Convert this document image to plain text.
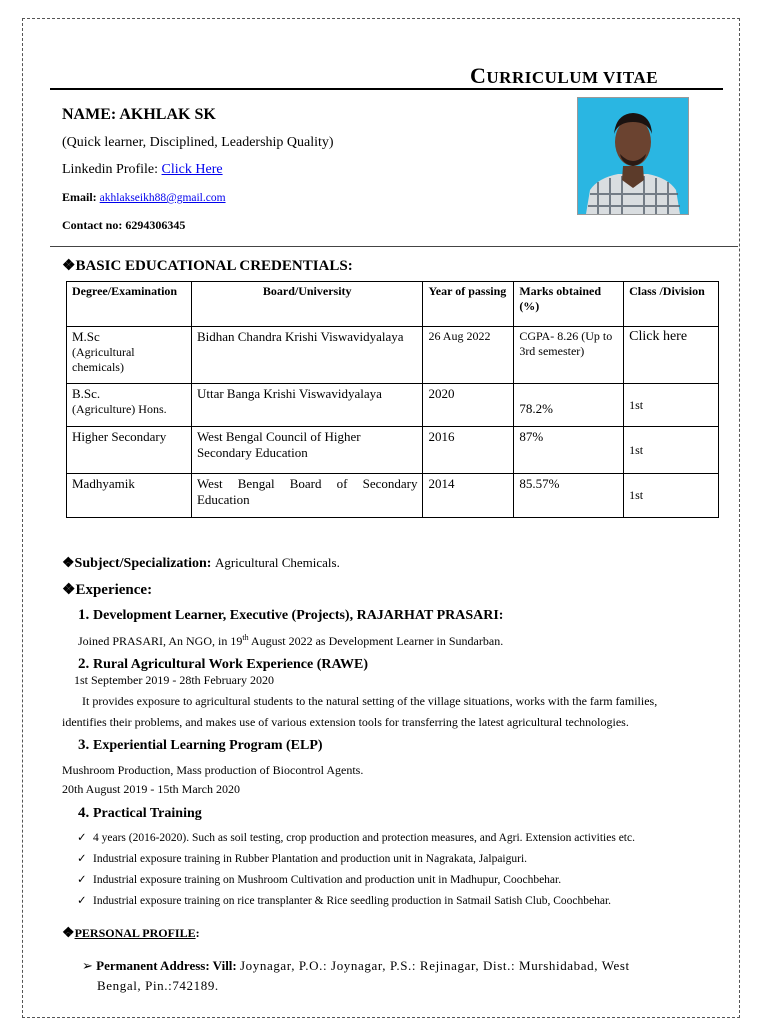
CURRICULUM VITAE
NAME: AKHLAK SK
(Quick learner, Disciplined, Leadership Quality)
Linkedin Profile: Click Here
Email: akhlakseikh88@gmail.com
Contact no: 6294306345
❖BASIC EDUCATIONAL CREDENTIALS:
Degree/Examination	Board/University	Year of passing	Marks obtained (%)	Class /Division

M.Sc
(Agricultural chemicals)	Bidhan Chandra Krishi Viswavidyalaya	26 Aug 2022	CGPA- 8.26 (Up to 3rd semester)	Click here

B.Sc.
(Agriculture) Hons.	Uttar Banga Krishi Viswavidyalaya	2020	78.2%	1st
Higher Secondary	West Bengal Council of Higher Secondary Education	2016	87%	1st
Madhyamik	West Bengal Board of Secondary Education	2014	85.57%	1st
❖Subject/Specialization: Agricultural Chemicals.
❖Experience:
1. Development Learner, Executive (Projects), RAJARHAT PRASARI:
Joined PRASARI, An NGO, in 19th August 2022 as Development Learner in Sundarban.
2. Rural Agricultural Work Experience (RAWE)
1st September 2019 - 28th February 2020
It provides exposure to agricultural students to the natural setting of the village situations, works with the farm families,
identifies their problems, and makes use of various extension tools for transferring the latest agricultural technologies.
3. Experiential Learning Program (ELP)
Mushroom Production, Mass production of Biocontrol Agents.
20th August 2019 - 15th March 2020
4. Practical Training
✓ 4 years (2016-2020). Such as soil testing, crop production and protection measures, and Agri. Extension activities etc.
✓ Industrial exposure training in Rubber Plantation and production unit in Nagrakata, Jalpaiguri.
✓ Industrial exposure training on Mushroom Cultivation and production unit in Madhupur, Coochbehar.
✓ Industrial exposure training on rice transplanter & Rice seedling production in Satmail Satish Club, Coochbehar.
❖PERSONAL PROFILE:
➢ Permanent Address: Vill: Joynagar, P.O.: Joynagar, P.S.: Rejinagar, Dist.: Murshidabad, West
Bengal, Pin.:742189.
